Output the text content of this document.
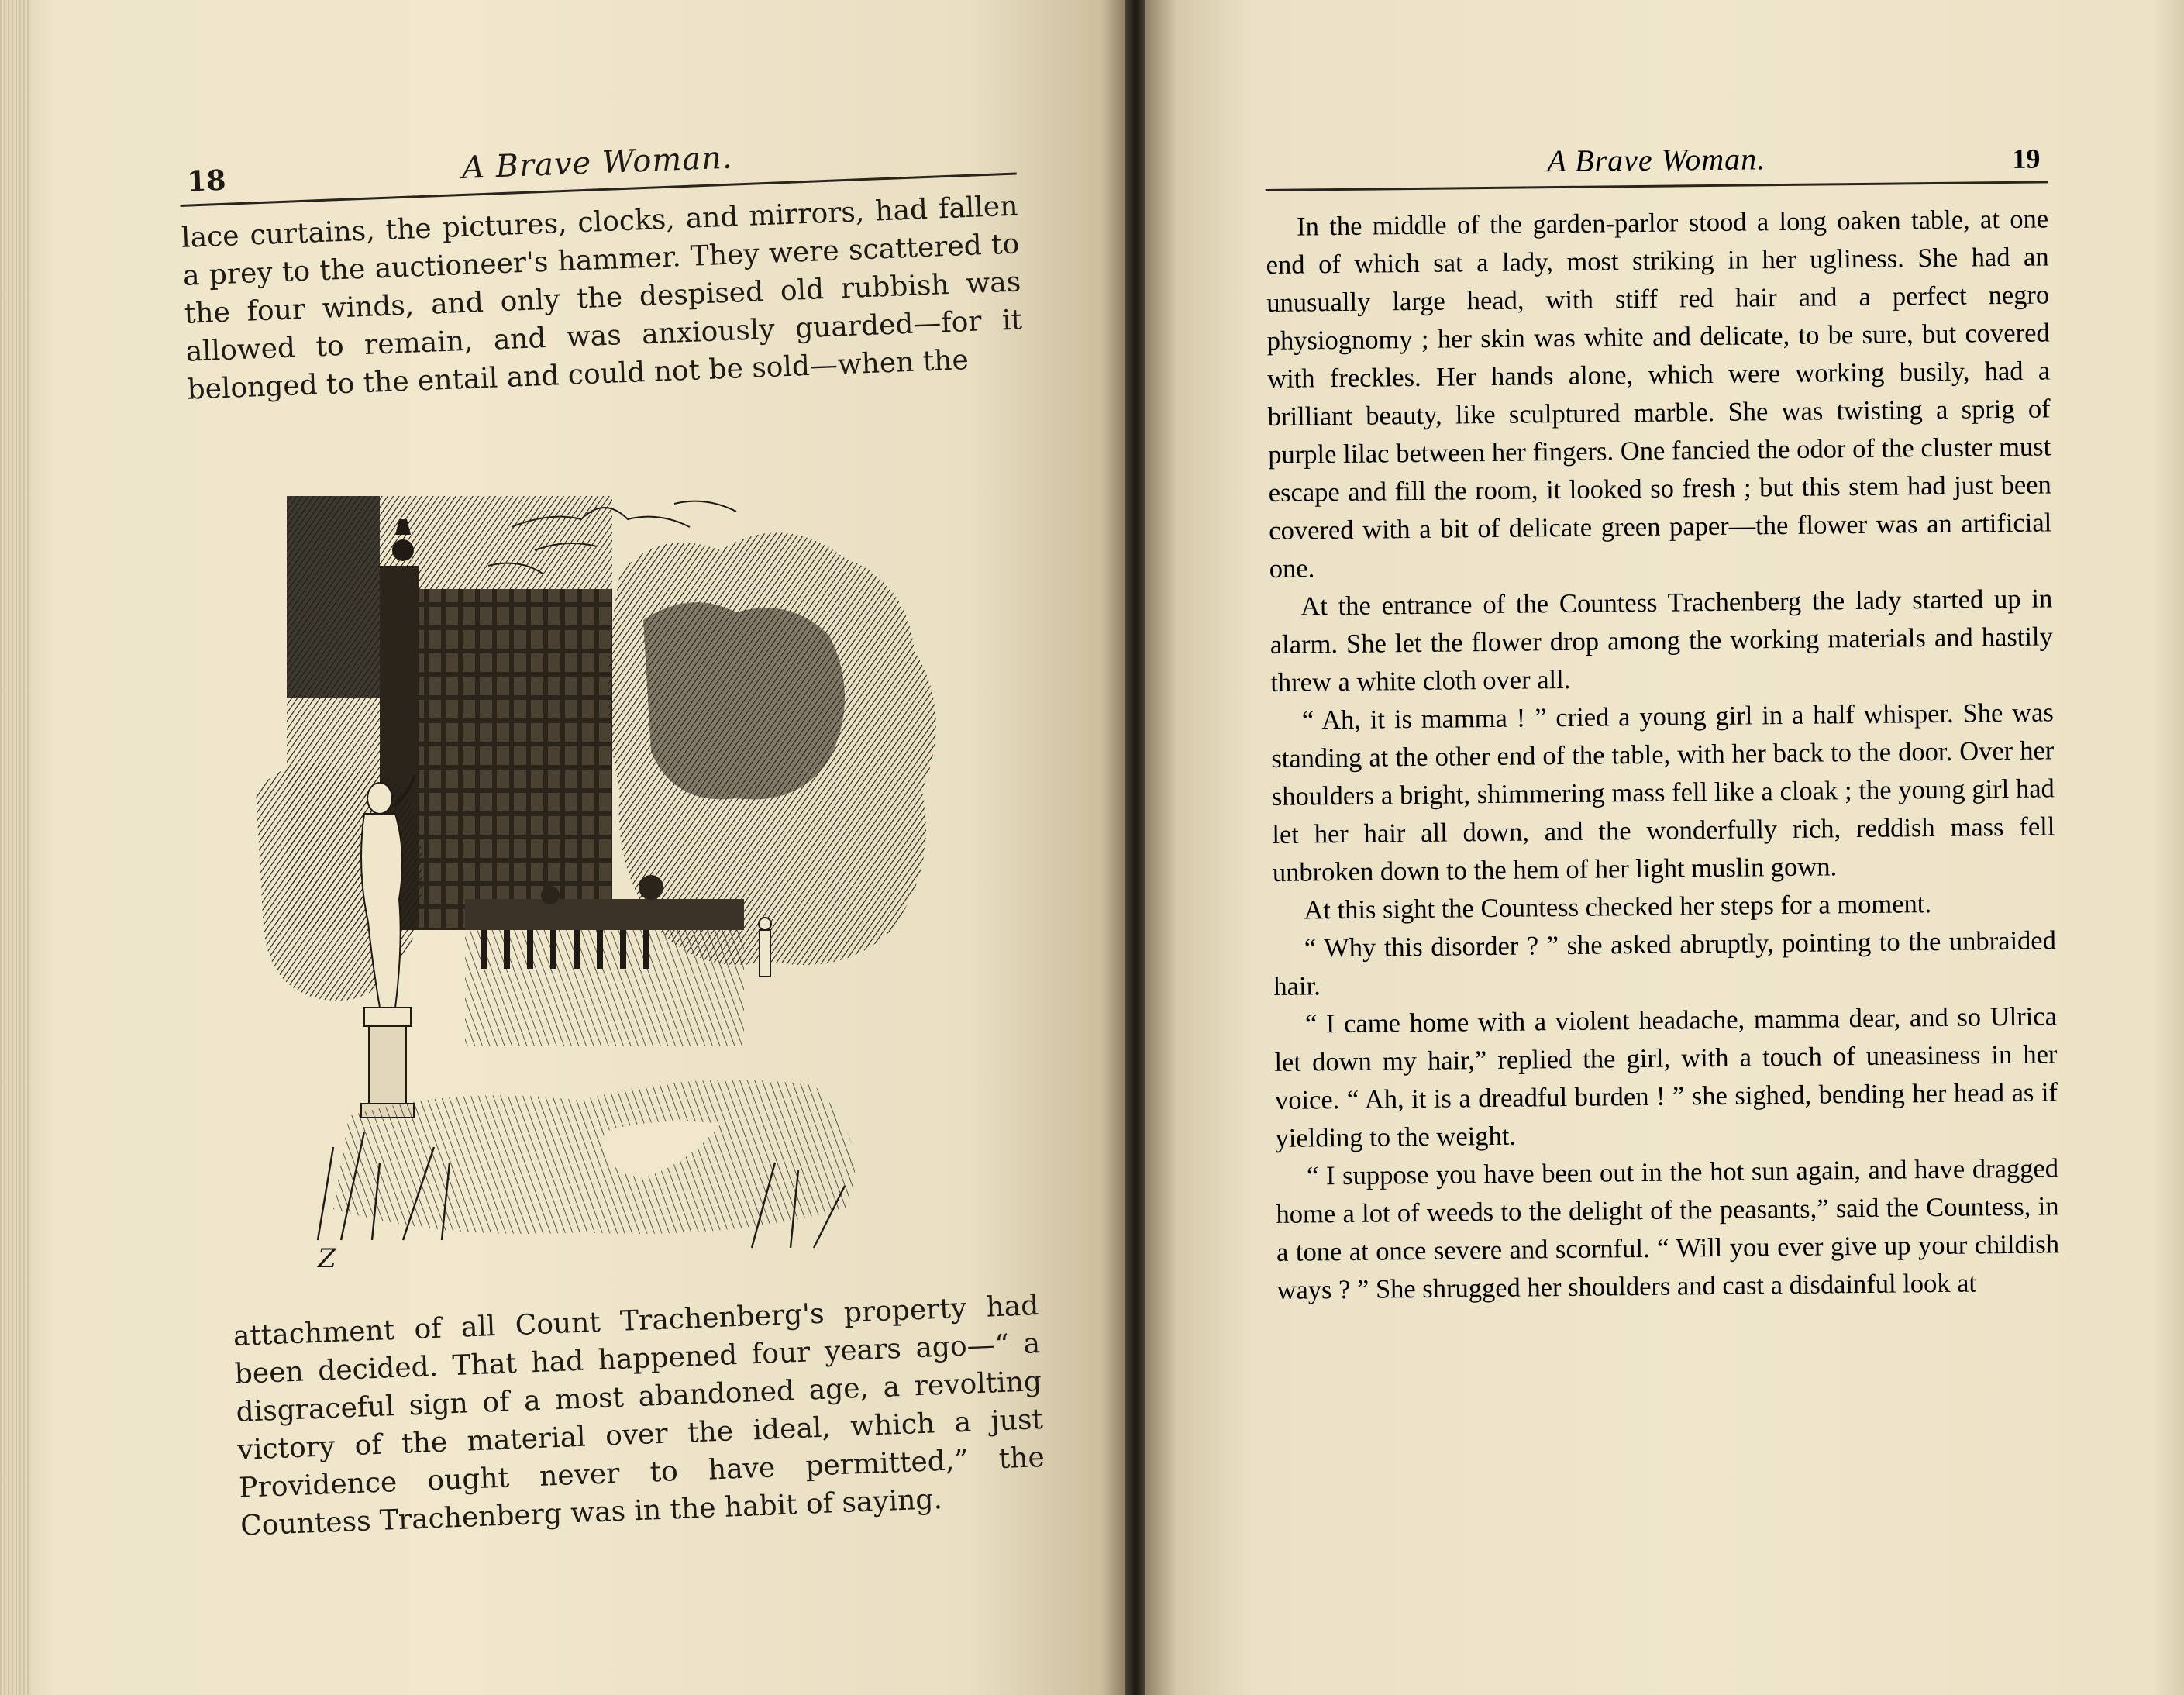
18	A Brave Woman.

lace curtains, the pictures, clocks, and mirrors, had fallen a prey to the auctioneer's hammer. They were scattered to the four winds, and only the despised old rubbish was allowed to remain, and was anxiously guarded—for it belonged to the entail and could not be sold—when the

Z

attachment of all Count Trachenberg's property had been decided. That had happened four years ago—“ a disgraceful sign of a most abandoned age, a revolting victory of the material over the ideal, which a just Providence ought never to have permitted,” the Countess Trachenberg was in the habit of saying.

A Brave Woman.	19

In the middle of the garden-parlor stood a long oaken table, at one end of which sat a lady, most striking in her ugliness. She had an unusually large head, with stiff red hair and a perfect negro physiognomy ; her skin was white and delicate, to be sure, but covered with freckles. Her hands alone, which were working busily, had a brilliant beauty, like sculptured marble. She was twisting a sprig of purple lilac between her fingers. One fancied the odor of the cluster must escape and fill the room, it looked so fresh ; but this stem had just been covered with a bit of delicate green paper—the flower was an artificial one.

At the entrance of the Countess Trachenberg the lady started up in alarm. She let the flower drop among the working materials and hastily threw a white cloth over all.

“ Ah, it is mamma ! ” cried a young girl in a half whisper. She was standing at the other end of the table, with her back to the door. Over her shoulders a bright, shimmering mass fell like a cloak ; the young girl had let her hair all down, and the wonderfully rich, reddish mass fell unbroken down to the hem of her light muslin gown.

At this sight the Countess checked her steps for a moment.

“ Why this disorder ? ” she asked abruptly, pointing to the unbraided hair.

“ I came home with a violent headache, mamma dear, and so Ulrica let down my hair,” replied the girl, with a touch of uneasiness in her voice. “ Ah, it is a dreadful burden ! ” she sighed, bending her head as if yielding to the weight.

“ I suppose you have been out in the hot sun again, and have dragged home a lot of weeds to the delight of the peasants,” said the Countess, in a tone at once severe and scornful. “ Will you ever give up your childish ways ? ” She shrugged her shoulders and cast a disdainful look at
